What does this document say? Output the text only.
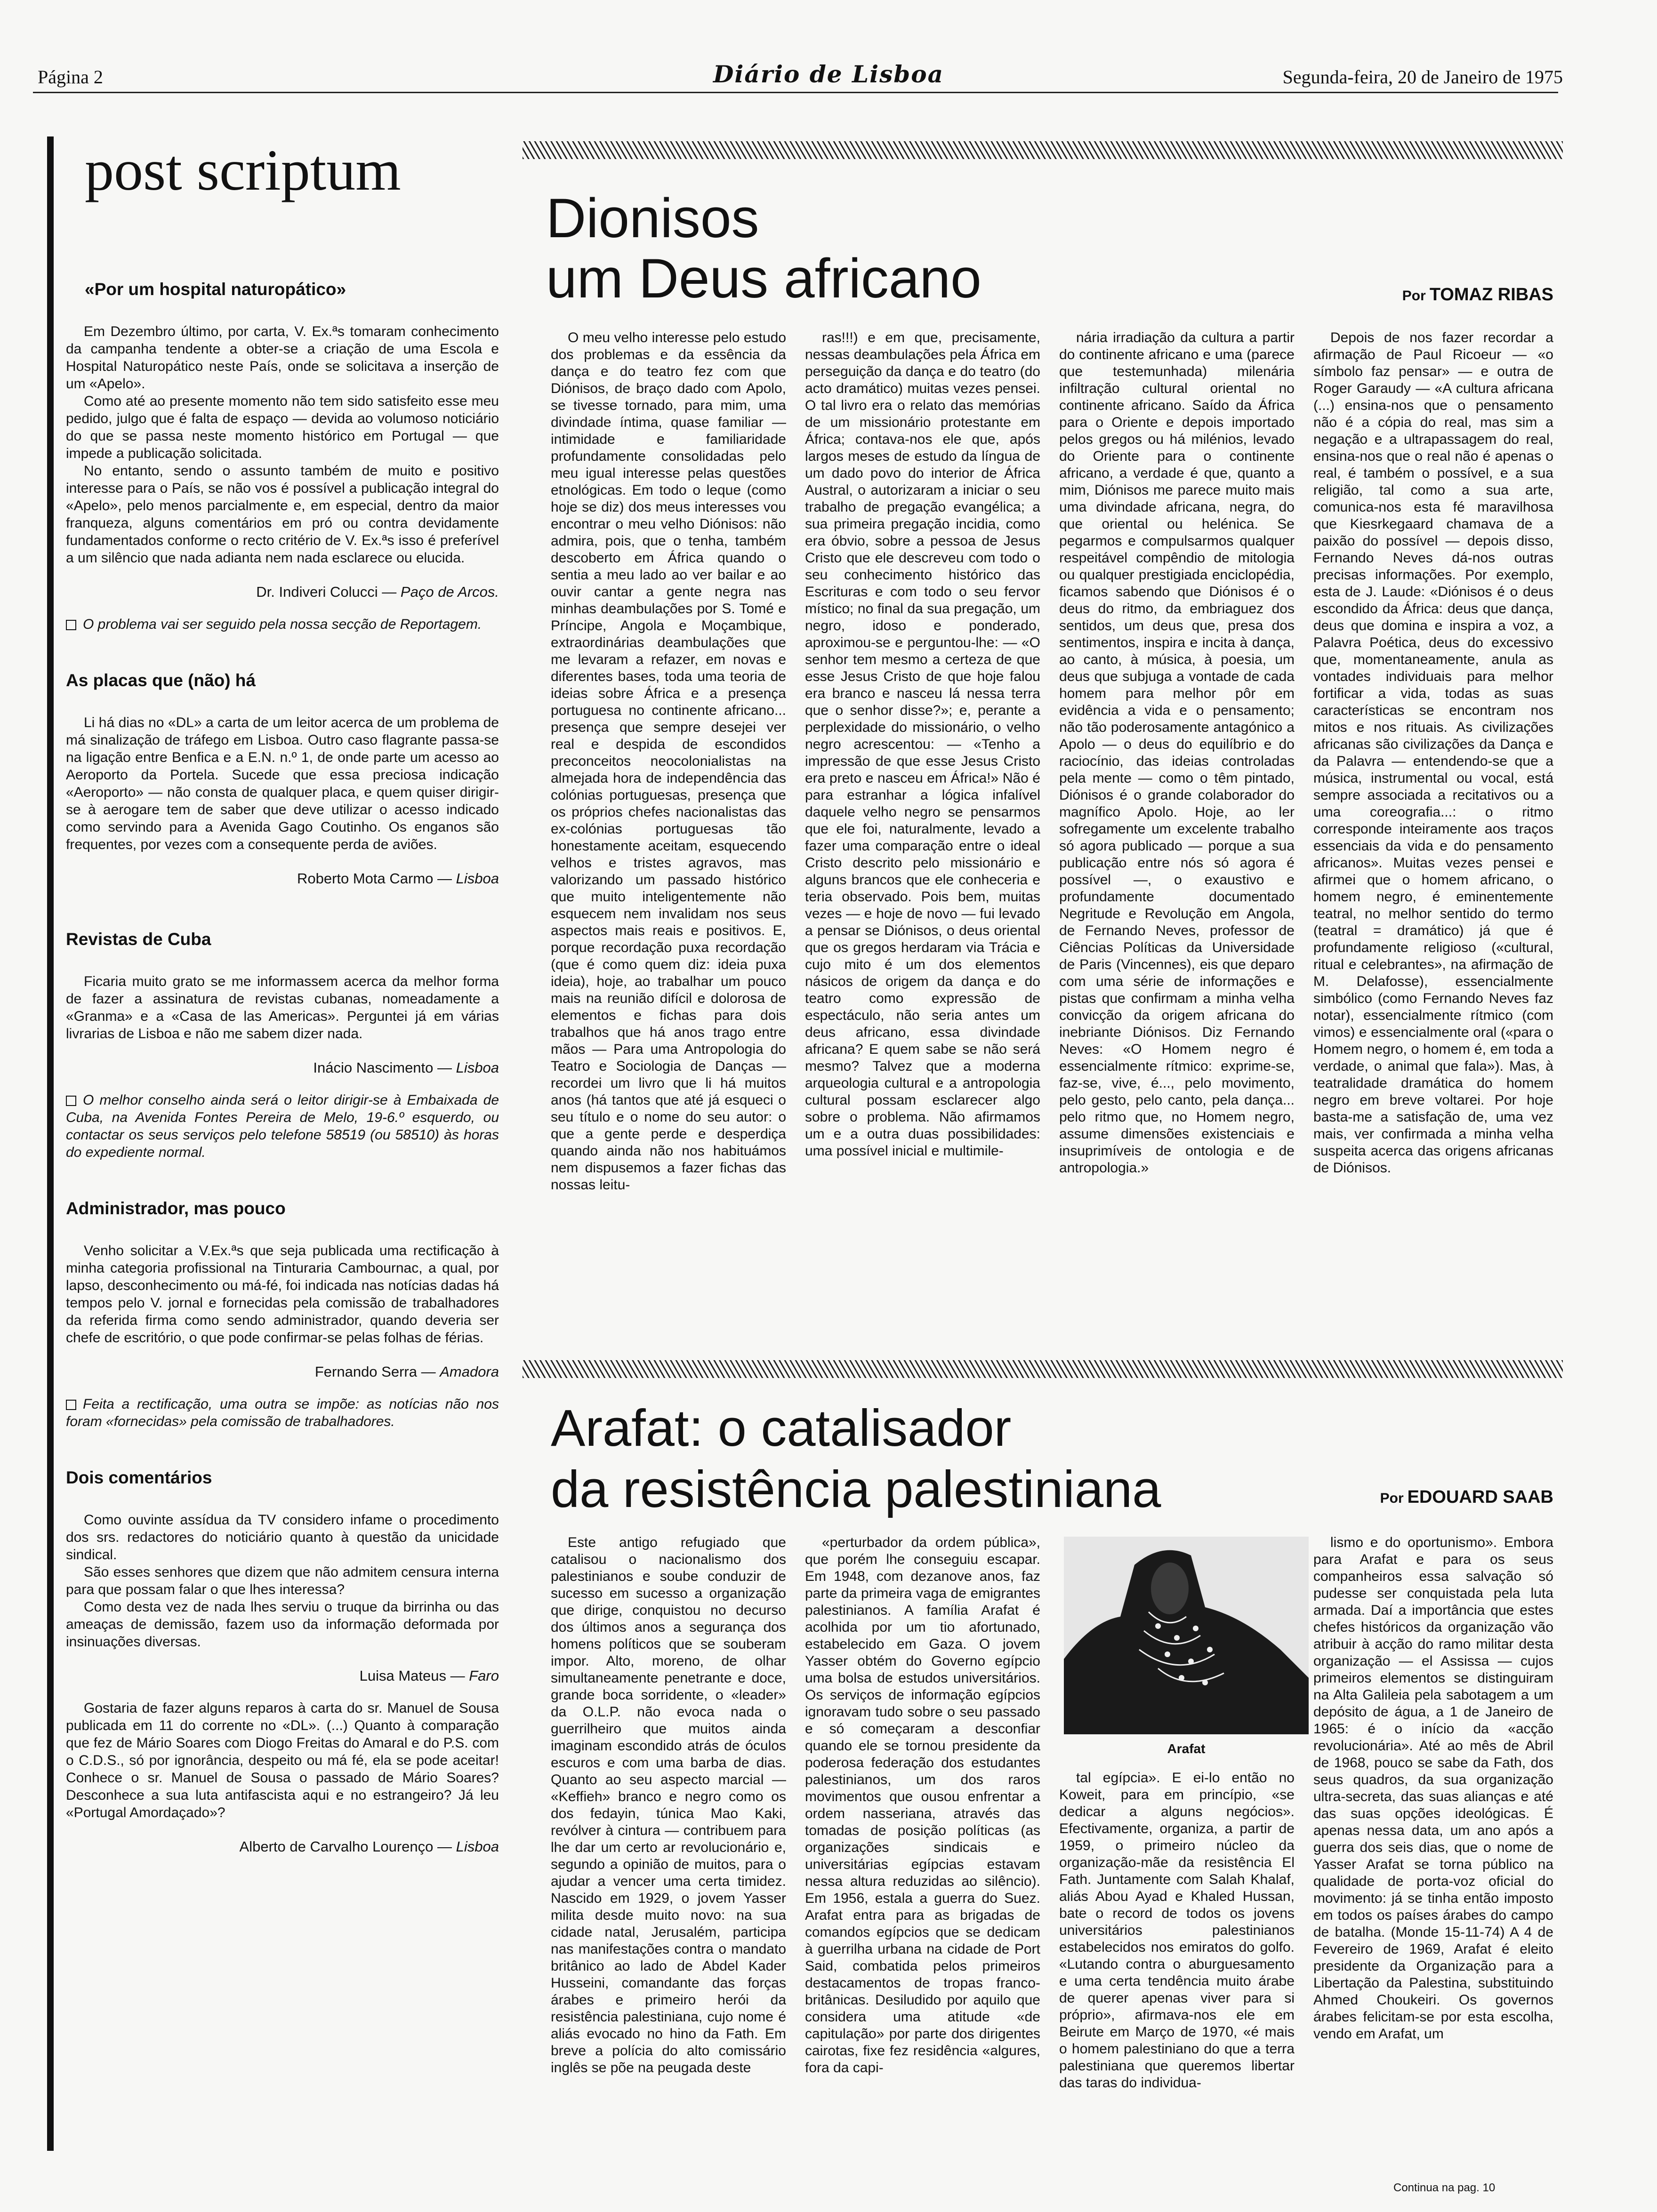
Página 2	Diário de Lisboa	Segunda-feira, 20 de Janeiro de 1975
post scriptum
«Por um hospital naturopático»

Em Dezembro último, por carta, V. Ex.ªs tomaram conhecimento da campanha tendente a obter-se a criação de uma Escola e Hospital Naturopático neste País, onde se solicitava a inserção de um «Apelo».

Como até ao presente momento não tem sido satisfeito esse meu pedido, julgo que é falta de espaço — devida ao volumoso noticiário do que se passa neste momento histórico em Portugal — que impede a publicação solicitada.

No entanto, sendo o assunto também de muito e positivo interesse para o País, se não vos é possível a publicação integral do «Apelo», pelo menos parcialmente e, em especial, dentro da maior franqueza, alguns comentários em pró ou contra devidamente fundamentados conforme o recto critério de V. Ex.ªs isso é preferível a um silêncio que nada adianta nem nada esclarece ou elucida.

Dr. Indiveri Colucci — Paço de Arcos.

O problema vai ser seguido pela nossa secção de Reportagem.

As placas que (não) há

Li há dias no «DL» a carta de um leitor acerca de um problema de má sinalização de tráfego em Lisboa. Outro caso flagrante passa-se na ligação entre Benfica e a E.N. n.º 1, de onde parte um acesso ao Aeroporto da Portela. Sucede que essa preciosa indicação «Aeroporto» — não consta de qualquer placa, e quem quiser dirigir-se à aerogare tem de saber que deve utilizar o acesso indicado como servindo para a Avenida Gago Coutinho. Os enganos são frequentes, por vezes com a consequente perda de aviões.

Roberto Mota Carmo — Lisboa
Revistas de Cuba

Ficaria muito grato se me informassem acerca da melhor forma de fazer a assinatura de revistas cubanas, nomeadamente a «Granma» e a «Casa de las Americas». Perguntei já em várias livrarias de Lisboa e não me sabem dizer nada.

Inácio Nascimento — Lisboa

O melhor conselho ainda será o leitor dirigir-se à Embaixada de Cuba, na Avenida Fontes Pereira de Melo, 19-6.º esquerdo, ou contactar os seus serviços pelo telefone 58519 (ou 58510) às horas do expediente normal.

Administrador, mas pouco

Venho solicitar a V.Ex.ªs que seja publicada uma rectificação à minha categoria profissional na Tinturaria Cambournac, a qual, por lapso, desconhecimento ou má-fé, foi indicada nas notícias dadas há tempos pelo V. jornal e fornecidas pela comissão de trabalhadores da referida firma como sendo administrador, quando deveria ser chefe de escritório, o que pode confirmar-se pelas folhas de férias.

Fernando Serra — Amadora

Feita a rectificação, uma outra se impõe: as notícias não nos foram «fornecidas» pela comissão de trabalhadores.

Dois comentários

Como ouvinte assídua da TV considero infame o procedimento dos srs. redactores do noticiário quanto à questão da unicidade sindical.

São esses senhores que dizem que não admitem censura interna para que possam falar o que lhes interessa?

Como desta vez de nada lhes serviu o truque da birrinha ou das ameaças de demissão, fazem uso da informação deformada por insinuações diversas.

Luisa Mateus — Faro

Gostaria de fazer alguns reparos à carta do sr. Manuel de Sousa publicada em 11 do corrente no «DL». (...) Quanto à comparação que fez de Mário Soares com Diogo Freitas do Amaral e do P.S. com o C.D.S., só por ignorância, despeito ou má fé, ela se pode aceitar! Conhece o sr. Manuel de Sousa o passado de Mário Soares? Desconhece a sua luta antifascista aqui e no estrangeiro? Já leu «Portugal Amordaçado»?

Alberto de Carvalho Lourenço — Lisboa
Dionisos
um Deus africano	Por TOMAZ RIBAS

O meu velho interesse pelo estudo dos problemas e da essência da dança e do teatro fez com que Diónisos, de braço dado com Apolo, se tivesse tornado, para mim, uma divindade íntima, quase familiar — intimidade e familiaridade profundamente consolidadas pelo meu igual interesse pelas questões etnológicas. Em todo o leque (como hoje se diz) dos meus interesses vou encontrar o meu velho Diónisos: não admira, pois, que o tenha, também descoberto em África quando o sentia a meu lado ao ver bailar e ao ouvir cantar a gente negra nas minhas deambulações por S. Tomé e Príncipe, Angola e Moçambique, extraordinárias deambulações que me levaram a refazer, em novas e diferentes bases, toda uma teoria de ideias sobre África e a presença portuguesa no continente africano... presença que sempre desejei ver real e despida de escondidos preconceitos neocolonialistas na almejada hora de independência das colónias portuguesas, presença que os próprios chefes nacionalistas das ex-colónias portuguesas tão honestamente aceitam, esquecendo velhos e tristes agravos, mas valorizando um passado histórico que muito inteligentemente não esquecem nem invalidam nos seus aspectos mais reais e positivos. E, porque recordação puxa recordação (que é como quem diz: ideia puxa ideia), hoje, ao trabalhar um pouco mais na reunião difícil e dolorosa de elementos e fichas para dois trabalhos que há anos trago entre mãos — Para uma Antropologia do Teatro e Sociologia de Danças — recordei um livro que li há muitos anos (há tantos que até já esqueci o seu título e o nome do seu autor: o que a gente perde e desperdiça quando ainda não nos habituámos nem dispusemos a fazer fichas das nossas leitu-

ras!!!) e em que, precisamente, nessas deambulações pela África em perseguição da dança e do teatro (do acto dramático) muitas vezes pensei. O tal livro era o relato das memórias de um missionário protestante em África; contava-nos ele que, após largos meses de estudo da língua de um dado povo do interior de África Austral, o autorizaram a iniciar o seu trabalho de pregação evangélica; a sua primeira pregação incidia, como era óbvio, sobre a pessoa de Jesus Cristo que ele descreveu com todo o seu conhecimento histórico das Escrituras e com todo o seu fervor místico; no final da sua pregação, um negro, idoso e ponderado, aproximou-se e perguntou-lhe: — «O senhor tem mesmo a certeza de que esse Jesus Cristo de que hoje falou era branco e nasceu lá nessa terra que o senhor disse?»; e, perante a perplexidade do missionário, o velho negro acrescentou: — «Tenho a impressão de que esse Jesus Cristo era preto e nasceu em África!» Não é para estranhar a lógica infalível daquele velho negro se pensarmos que ele foi, naturalmente, levado a fazer uma comparação entre o ideal Cristo descrito pelo missionário e alguns brancos que ele conheceria e teria observado. Pois bem, muitas vezes — e hoje de novo — fui levado a pensar se Diónisos, o deus oriental que os gregos herdaram via Trácia e cujo mito é um dos elementos násicos de origem da dança e do teatro como expressão de espectáculo, não seria antes um deus africano, essa divindade africana? E quem sabe se não será mesmo? Talvez que a moderna arqueologia cultural e a antropologia cultural possam esclarecer algo sobre o problema. Não afirmamos um e a outra duas possibilidades: uma possível inicial e multimile-

nária irradiação da cultura a partir do continente africano e uma (parece que testemunhada) milenária infiltração cultural oriental no continente africano. Saído da África para o Oriente e depois importado pelos gregos ou há milénios, levado do Oriente para o continente africano, a verdade é que, quanto a mim, Diónisos me parece muito mais uma divindade africana, negra, do que oriental ou helénica. Se pegarmos e compulsarmos qualquer respeitável compêndio de mitologia ou qualquer prestigiada enciclopédia, ficamos sabendo que Diónisos é o deus do ritmo, da embriaguez dos sentidos, um deus que, presa dos sentimentos, inspira e incita à dança, ao canto, à música, à poesia, um deus que subjuga a vontade de cada homem para melhor pôr em evidência a vida e o pensamento; não tão poderosamente antagónico a Apolo — o deus do equilíbrio e do raciocínio, das ideias controladas pela mente — como o têm pintado, Diónisos é o grande colaborador do magnífico Apolo. Hoje, ao ler sofregamente um excelente trabalho só agora publicado — porque a sua publicação entre nós só agora é possível —, o exaustivo e profundamente documentado Negritude e Revolução em Angola, de Fernando Neves, professor de Ciências Políticas da Universidade de Paris (Vincennes), eis que deparo com uma série de informações e pistas que confirmam a minha velha convicção da origem africana do inebriante Diónisos. Diz Fernando Neves: «O Homem negro é essencialmente rítmico: exprime-se, faz-se, vive, é..., pelo movimento, pelo gesto, pelo canto, pela dança... pelo ritmo que, no Homem negro, assume dimensões existenciais e insuprimíveis de ontologia e de antropologia.»

Depois de nos fazer recordar a afirmação de Paul Ricoeur — «o símbolo faz pensar» — e outra de Roger Garaudy — «A cultura africana (...) ensina-nos que o pensamento não é a cópia do real, mas sim a negação e a ultrapassagem do real, ensina-nos que o real não é apenas o real, é também o possível, e a sua religião, tal como a sua arte, comunica-nos esta fé maravilhosa que Kiesrkegaard chamava de a paixão do possível — depois disso, Fernando Neves dá-nos outras precisas informações. Por exemplo, esta de J. Laude: «Diónisos é o deus escondido da África: deus que dança, deus que domina e inspira a voz, a Palavra Poética, deus do excessivo que, momentaneamente, anula as vontades individuais para melhor fortificar a vida, todas as suas características se encontram nos mitos e nos rituais. As civilizações africanas são civilizações da Dança e da Palavra — entendendo-se que a música, instrumental ou vocal, está sempre associada a recitativos ou a uma coreografia...: o ritmo corresponde inteiramente aos traços essenciais da vida e do pensamento africanos». Muitas vezes pensei e afirmei que o homem africano, o homem negro, é eminentemente teatral, no melhor sentido do termo (teatral = dramático) já que é profundamente religioso («cultural, ritual e celebrantes», na afirmação de M. Delafosse), essencialmente simbólico (como Fernando Neves faz notar), essencialmente rítmico (com vimos) e essencialmente oral («para o Homem negro, o homem é, em toda a verdade, o animal que fala»). Mas, à teatralidade dramática do homem negro em breve voltarei. Por hoje basta-me a satisfação de, uma vez mais, ver confirmada a minha velha suspeita acerca das origens africanas de Diónisos.

Arafat: o catalisador
da resistência palestiniana	Por EDOUARD SAAB

Este antigo refugiado que catalisou o nacionalismo dos palestinianos e soube conduzir de sucesso em sucesso a organização que dirige, conquistou no decurso dos últimos anos a segurança dos homens políticos que se souberam impor. Alto, moreno, de olhar simultaneamente penetrante e doce, grande boca sorridente, o «leader» da O.L.P. não evoca nada o guerrilheiro que muitos ainda imaginam escondido atrás de óculos escuros e com uma barba de dias. Quanto ao seu aspecto marcial — «Keffieh» branco e negro como os dos fedayin, túnica Mao Kaki, revólver à cintura — contribuem para lhe dar um certo ar revolucionário e, segundo a opinião de muitos, para o ajudar a vencer uma certa timidez. Nascido em 1929, o jovem Yasser milita desde muito novo: na sua cidade natal, Jerusalém, participa nas manifestações contra o mandato britânico ao lado de Abdel Kader Husseini, comandante das forças árabes e primeiro herói da resistência palestiniana, cujo nome é aliás evocado no hino da Fath. Em breve a polícia do alto comissário inglês se põe na peugada deste

«perturbador da ordem pública», que porém lhe conseguiu escapar. Em 1948, com dezanove anos, faz parte da primeira vaga de emigrantes palestinianos. A família Arafat é acolhida por um tio afortunado, estabelecido em Gaza. O jovem Yasser obtém do Governo egípcio uma bolsa de estudos universitários. Os serviços de informação egípcios ignoravam tudo sobre o seu passado e só começaram a desconfiar quando ele se tornou presidente da poderosa federação dos estudantes palestinianos, um dos raros movimentos que ousou enfrentar a ordem nasseriana, através das tomadas de posição políticas (as organizações sindicais e universitárias egípcias estavam nessa altura reduzidas ao silêncio). Em 1956, estala a guerra do Suez. Arafat entra para as brigadas de comandos egípcios que se dedicam à guerrilha urbana na cidade de Port Said, combatida pelos primeiros destacamentos de tropas franco-britânicas. Desiludido por aquilo que considera uma atitude «de capitulação» por parte dos dirigentes cairotas, fixe fez residência «algures, fora da capi-

Arafat

tal egípcia». E ei-lo então no Koweit, para em princípio, «se dedicar a alguns negócios». Efectivamente, organiza, a partir de 1959, o primeiro núcleo da organização-mãe da resistência El Fath. Juntamente com Salah Khalaf, aliás Abou Ayad e Khaled Hussan, bate o record de todos os jovens universitários palestinianos estabelecidos nos emiratos do golfo. «Lutando contra o aburguesamento e uma certa tendência muito árabe de querer apenas viver para si próprio», afirmava-nos ele em Beirute em Março de 1970, «é mais o homem palestiniano do que a terra palestiniana que queremos libertar das taras do individua-

lismo e do oportunismo». Embora para Arafat e para os seus companheiros essa salvação só pudesse ser conquistada pela luta armada. Daí a importância que estes chefes históricos da organização vão atribuir à acção do ramo militar desta organização — el Assissa — cujos primeiros elementos se distinguiram na Alta Galileia pela sabotagem a um depósito de água, a 1 de Janeiro de 1965: é o início da «acção revolucionária». Até ao mês de Abril de 1968, pouco se sabe da Fath, dos seus quadros, da sua organização ultra-secreta, das suas alianças e até das suas opções ideológicas. É apenas nessa data, um ano após a guerra dos seis dias, que o nome de Yasser Arafat se torna público na qualidade de porta-voz oficial do movimento: já se tinha então imposto em todos os países árabes do campo de batalha. (Monde 15-11-74) A 4 de Fevereiro de 1969, Arafat é eleito presidente da Organização para a Libertação da Palestina, substituindo Ahmed Choukeiri. Os governos árabes felicitam-se por esta escolha, vendo em Arafat, um

Continua na pag. 10
